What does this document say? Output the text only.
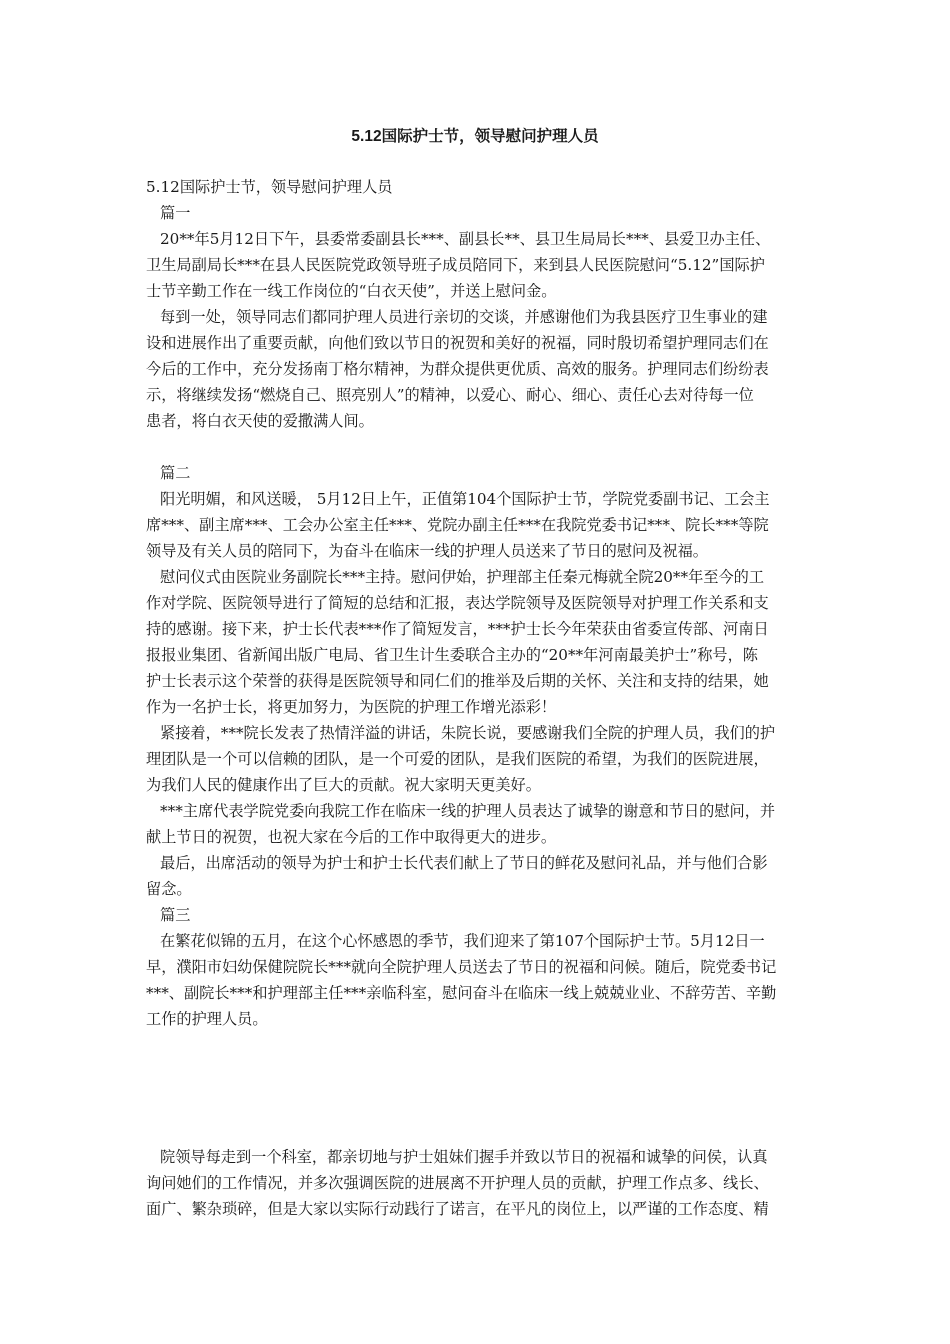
5.12国际护士节，领导慰问护理人员

5.12国际护士节，领导慰问护理人员

篇一

20**年5月12日下午，县委常委副县长***、副县长**、县卫生局局长***、县爱卫办主任、

卫生局副局长***在县人民医院党政领导班子成员陪同下，来到县人民医院慰问“5.12”国际护

士节辛勤工作在一线工作岗位的“白衣天使”，并送上慰问金。

每到一处，领导同志们都同护理人员进行亲切的交谈，并感谢他们为我县医疗卫生事业的建

设和进展作出了重要贡献，向他们致以节日的祝贺和美好的祝福，同时殷切希望护理同志们在

今后的工作中，充分发扬南丁格尔精神，为群众提供更优质、高效的服务。护理同志们纷纷表

示，将继续发扬“燃烧自己、照亮别人”的精神，以爱心、耐心、细心、责任心去对待每一位

患者，将白衣天使的爱撒满人间。

篇二

阳光明媚，和风送暖， 5月12日上午，正值第104个国际护士节，学院党委副书记、工会主

席***、副主席***、工会办公室主任***、党院办副主任***在我院党委书记***、院长***等院

领导及有关人员的陪同下，为奋斗在临床一线的护理人员送来了节日的慰问及祝福。

慰问仪式由医院业务副院长***主持。慰问伊始，护理部主任秦元梅就全院20**年至今的工

作对学院、医院领导进行了简短的总结和汇报，表达学院领导及医院领导对护理工作关系和支

持的感谢。接下来，护士长代表***作了简短发言，***护士长今年荣获由省委宣传部、河南日

报报业集团、省新闻出版广电局、省卫生计生委联合主办的“20**年河南最美护士”称号，陈

护士长表示这个荣誉的获得是医院领导和同仁们的推举及后期的关怀、关注和支持的结果，她

作为一名护士长，将更加努力，为医院的护理工作增光添彩！

紧接着，***院长发表了热情洋溢的讲话，朱院长说，要感谢我们全院的护理人员，我们的护

理团队是一个可以信赖的团队，是一个可爱的团队，是我们医院的希望，为我们的医院进展，

为我们人民的健康作出了巨大的贡献。祝大家明天更美好。

***主席代表学院党委向我院工作在临床一线的护理人员表达了诚挚的谢意和节日的慰问，并

献上节日的祝贺，也祝大家在今后的工作中取得更大的进步。

最后，出席活动的领导为护士和护士长代表们献上了节日的鲜花及慰问礼品，并与他们合影

留念。

篇三

在繁花似锦的五月，在这个心怀感恩的季节，我们迎来了第107个国际护士节。5月12日一

早，濮阳市妇幼保健院院长***就向全院护理人员送去了节日的祝福和问候。随后，院党委书记

***、副院长***和护理部主任***亲临科室，慰问奋斗在临床一线上兢兢业业、不辞劳苦、辛勤

工作的护理人员。

院领导每走到一个科室，都亲切地与护士姐妹们握手并致以节日的祝福和诚挚的问侯，认真

询问她们的工作情况，并多次强调医院的进展离不开护理人员的贡献，护理工作点多、线长、

面广、繁杂琐碎，但是大家以实际行动践行了诺言，在平凡的岗位上，以严谨的工作态度、精
